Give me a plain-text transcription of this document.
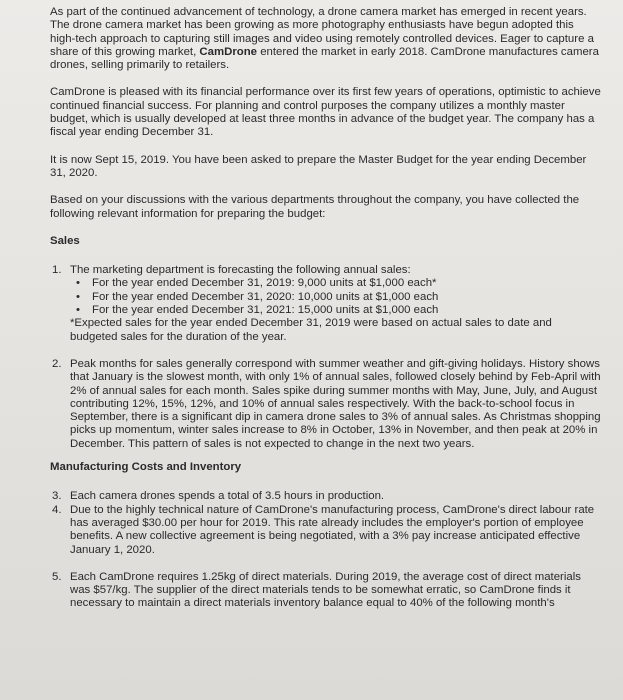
As part of the continued advancement of technology, a drone camera market has emerged in recent years. The drone camera market has been growing as more photography enthusiasts have begun adopted this high-tech approach to capturing still images and video using remotely controlled devices. Eager to capture a share of this growing market, CamDrone entered the market in early 2018. CamDrone manufactures camera drones, selling primarily to retailers.

CamDrone is pleased with its financial performance over its first few years of operations, optimistic to achieve continued financial success. For planning and control purposes the company utilizes a monthly master budget, which is usually developed at least three months in advance of the budget year. The company has a fiscal year ending December 31.

It is now Sept 15, 2019. You have been asked to prepare the Master Budget for the year ending December 31, 2020.

Based on your discussions with the various departments throughout the company, you have collected the following relevant information for preparing the budget:

Sales

1. The marketing department is forecasting the following annual sales:

• For the year ended December 31, 2019: 9,000 units at $1,000 each*
• For the year ended December 31, 2020: 10,000 units at $1,000 each
• For the year ended December 31, 2021: 15,000 units at $1,000 each

*Expected sales for the year ended December 31, 2019 were based on actual sales to date and budgeted sales for the duration of the year.

2. Peak months for sales generally correspond with summer weather and gift-giving holidays. History shows that January is the slowest month, with only 1% of annual sales, followed closely behind by Feb-April with 2% of annual sales for each month. Sales spike during summer months with May, June, July, and August contributing 12%, 15%, 12%, and 10% of annual sales respectively. With the back-to-school focus in September, there is a significant dip in camera drone sales to 3% of annual sales. As Christmas shopping picks up momentum, winter sales increase to 8% in October, 13% in November, and then peak at 20% in December. This pattern of sales is not expected to change in the next two years.

Manufacturing Costs and Inventory

3. Each camera drones spends a total of 3.5 hours in production.

4. Due to the highly technical nature of CamDrone's manufacturing process, CamDrone's direct labour rate has averaged $30.00 per hour for 2019. This rate already includes the employer's portion of employee benefits. A new collective agreement is being negotiated, with a 3% pay increase anticipated effective January 1, 2020.

5. Each CamDrone requires 1.25kg of direct materials. During 2019, the average cost of direct materials was $57/kg. The supplier of the direct materials tends to be somewhat erratic, so CamDrone finds it necessary to maintain a direct materials inventory balance equal to 40% of the following month's
